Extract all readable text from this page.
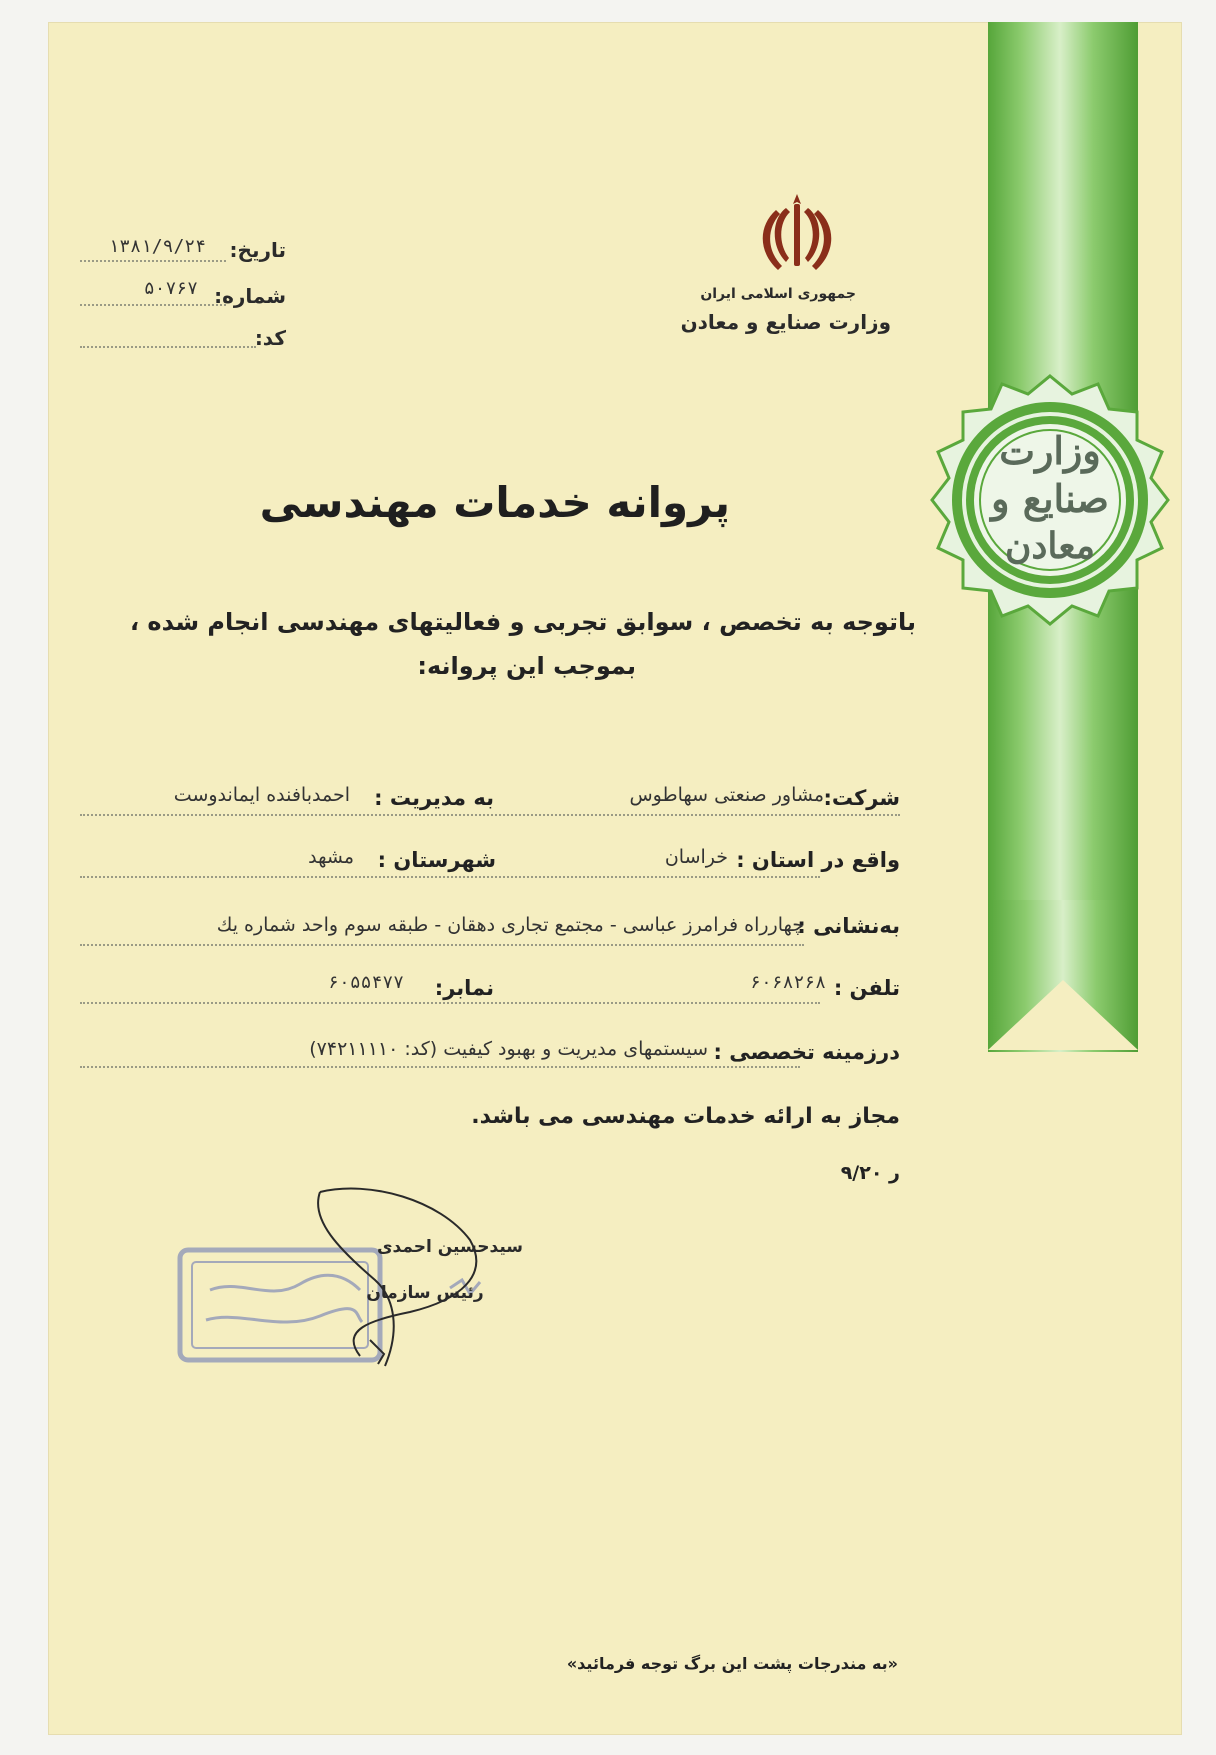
وزارت
صنایع و
معادن
جمهوری اسلامی ایران
وزارت صنایع و معادن
تاریخ:
۱۳۸۱/۹/۲۴
شماره:
۵۰۷۶۷
کد:
پروانه خدمات مهندسی
باتوجه به تخصص ، سوابق تجربی و فعالیتهای مهندسی انجام شده ،
بموجب این پروانه:
شرکت:
مشاور صنعتی سهاطوس
به مدیریت :
احمدبافنده ایماندوست
واقع در استان :
خراسان
شهرستان :
مشهد
به‌نشانی :
چهارراه فرامرز عباسی - مجتمع تجاری دهقان - طبقه سوم واحد شماره یك
تلفن :
۶۰۶۸۲۶۸
نمابر:
۶۰۵۵۴۷۷
درزمینه تخصصی :
سیستمهای مدیریت و بهبود کیفیت (کد: ۷۴۲۱۱۱۱۰)
مجاز به ارائه خدمات مهندسی می باشد.
ر ۹/۲۰
سیدحسین احمدی
رئیس سازمان
«به مندرجات پشت این برگ توجه فرمائید»
